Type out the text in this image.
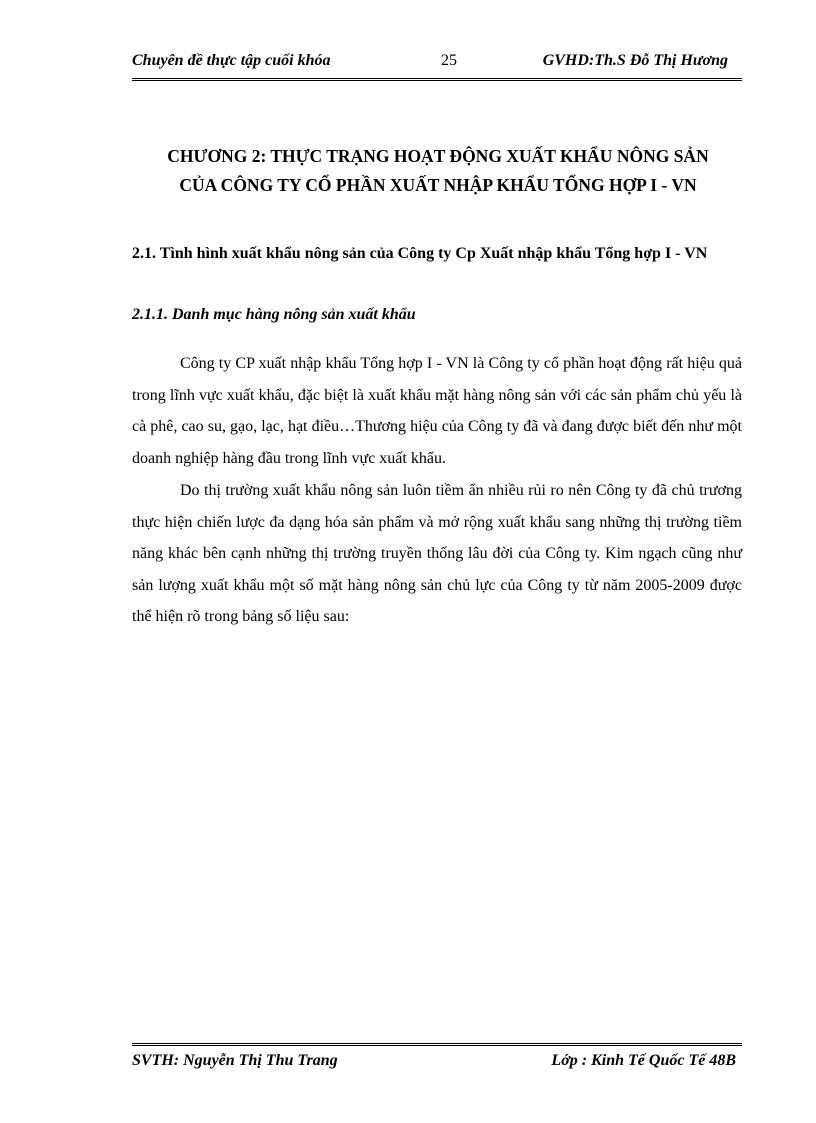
Chuyên đề thực tập cuối khóa	25	GVHD:Th.S Đỗ Thị Hương
CHƯƠNG 2: THỰC TRẠNG HOẠT ĐỘNG XUẤT KHẨU NÔNG SẢN
CỦA CÔNG TY CỔ PHẦN XUẤT NHẬP KHẨU TỔNG HỢP I - VN
2.1. Tình hình xuất khẩu nông sản của Công ty Cp Xuất nhập khẩu Tổng hợp I - VN
2.1.1. Danh mục hàng nông sản xuất khẩu

Công ty CP xuất nhập khẩu Tổng hợp I - VN là Công ty cổ phần hoạt động rất hiệu quả trong lĩnh vực xuất khẩu, đặc biệt là xuất khẩu mặt hàng nông sản với các sản phẩm chủ yếu là cà phê, cao su, gạo, lạc, hạt điều…Thương hiệu của Công ty đã và đang được biết đến như một doanh nghiệp hàng đầu trong lĩnh vực xuất khẩu.

Do thị trường xuất khẩu nông sản luôn tiềm ẩn nhiều rủi ro nên Công ty đã chủ trương thực hiện chiến lược đa dạng hóa sản phẩm và mở rộng xuất khẩu sang những thị trường tiềm năng khác bên cạnh những thị trường truyền thống lâu đời của Công ty. Kim ngạch cũng như sản lượng xuất khẩu một số mặt hàng nông sản chủ lực của Công ty từ năm 2005-2009 được thể hiện rõ trong bảng số liệu sau:

SVTH: Nguyễn Thị Thu Trang	Lớp : Kinh Tế Quốc Tế 48B
